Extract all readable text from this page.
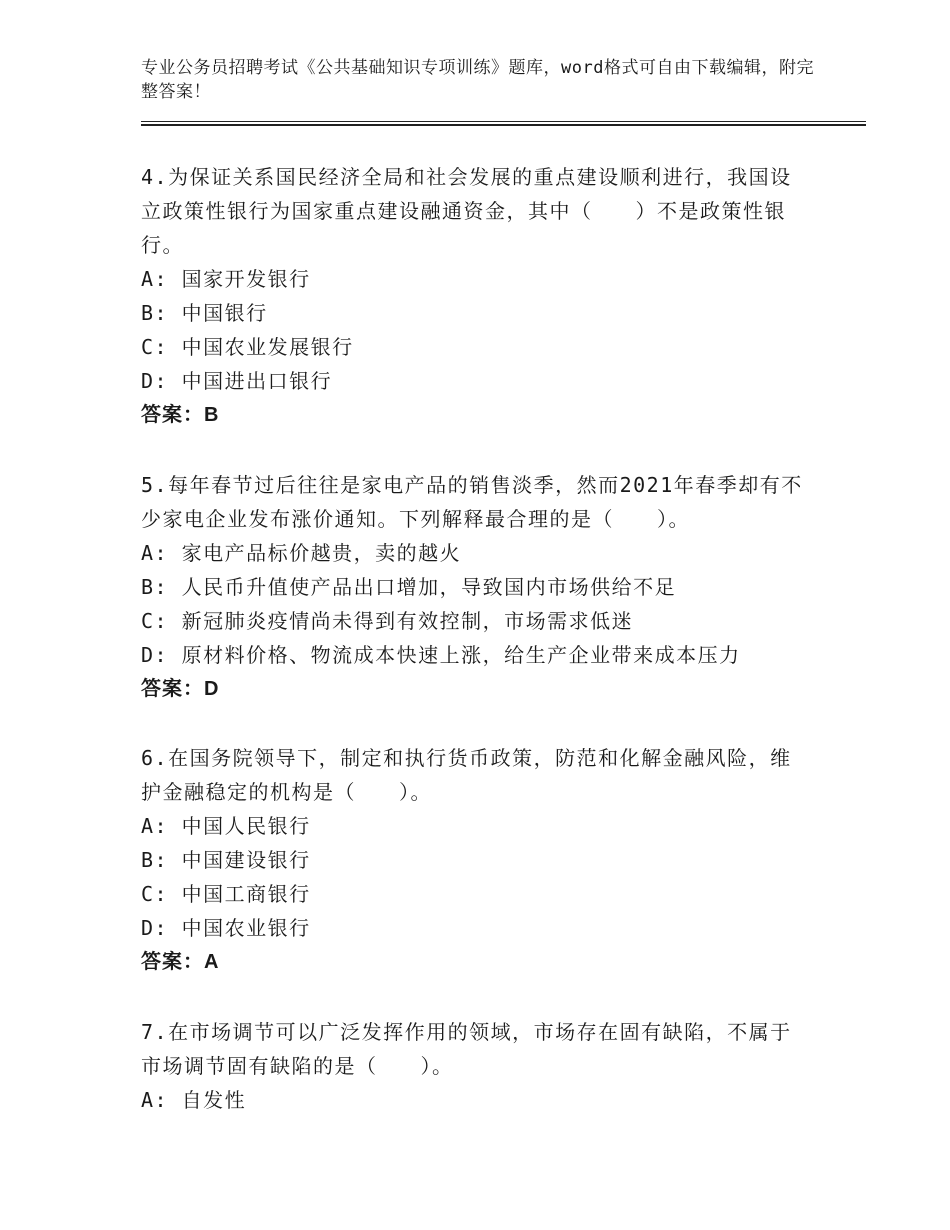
专业公务员招聘考试《公共基础知识专项训练》题库，word格式可自由下载编辑，附完整答案！

4.为保证关系国民经济全局和社会发展的重点建设顺利进行，我国设立政策性银行为国家重点建设融通资金，其中（　　）不是政策性银行。

A: 国家开发银行

B: 中国银行

C: 中国农业发展银行

D: 中国进出口银行

答案：B

5.每年春节过后往往是家电产品的销售淡季，然而2021年春季却有不少家电企业发布涨价通知。下列解释最合理的是（　　）。

A: 家电产品标价越贵，卖的越火

B: 人民币升值使产品出口增加，导致国内市场供给不足

C: 新冠肺炎疫情尚未得到有效控制，市场需求低迷

D: 原材料价格、物流成本快速上涨，给生产企业带来成本压力

答案：D

6.在国务院领导下，制定和执行货币政策，防范和化解金融风险，维护金融稳定的机构是（　　）。

A: 中国人民银行

B: 中国建设银行

C: 中国工商银行

D: 中国农业银行

答案：A

7.在市场调节可以广泛发挥作用的领域，市场存在固有缺陷，不属于市场调节固有缺陷的是（　　）。

A: 自发性
